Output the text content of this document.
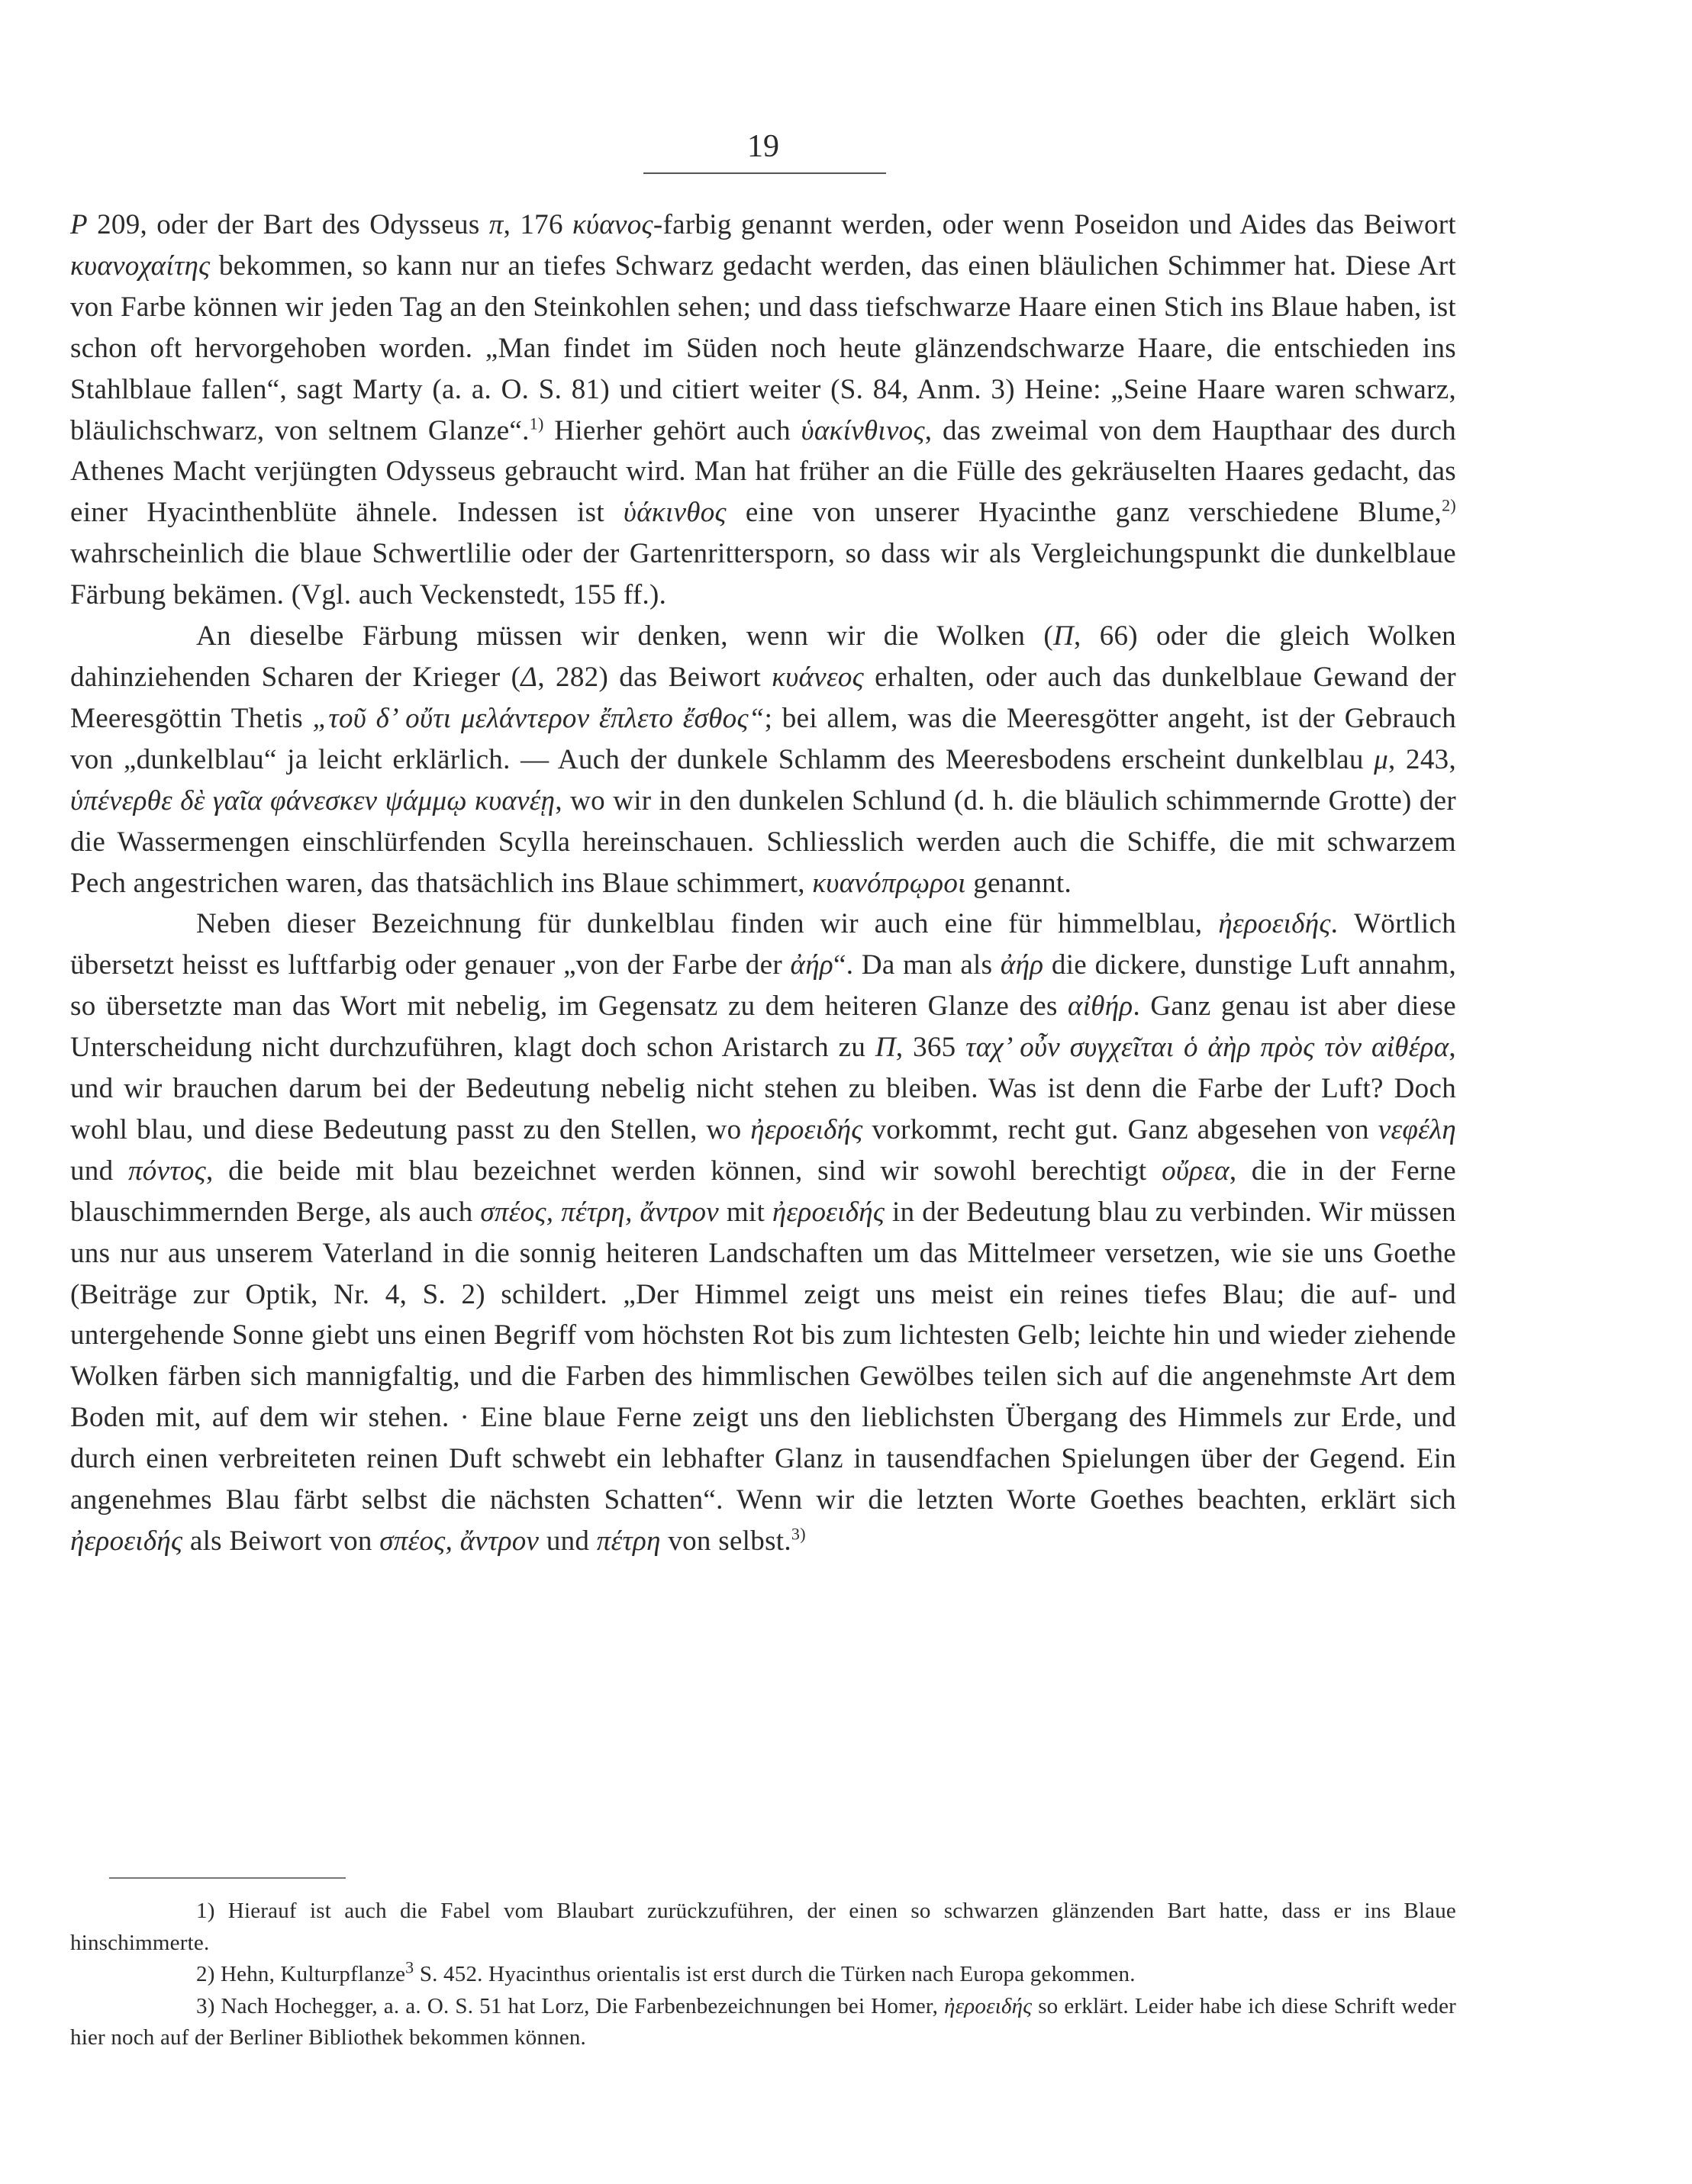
19

P 209, oder der Bart des Odysseus π, 176 κύανος-farbig genannt werden, oder wenn Poseidon und Aides das Beiwort κυανοχαίτης bekommen, so kann nur an tiefes Schwarz gedacht werden, das einen bläulichen Schimmer hat. Diese Art von Farbe können wir jeden Tag an den Steinkohlen sehen; und dass tiefschwarze Haare einen Stich ins Blaue haben, ist schon oft hervorgehoben worden. „Man findet im Süden noch heute glänzendschwarze Haare, die entschieden ins Stahlblaue fallen“, sagt Marty (a. a. O. S. 81) und citiert weiter (S. 84, Anm. 3) Heine: „Seine Haare waren schwarz, bläulichschwarz, von seltnem Glanze“.$^{1)}$ Hierher gehört auch ὑακίνθινος, das zweimal von dem Haupthaar des durch Athenes Macht verjüngten Odysseus gebraucht wird. Man hat früher an die Fülle des gekräuselten Haares gedacht, das einer Hyacinthenblüte ähnele. Indessen ist ὑάκινθος eine von unserer Hyacinthe ganz verschiedene Blume,$^{2)}$ wahrscheinlich die blaue Schwertlilie oder der Gartenrittersporn, so dass wir als Vergleichungspunkt die dunkelblaue Färbung bekämen. (Vgl. auch Veckenstedt, 155 ff.).

An dieselbe Färbung müssen wir denken, wenn wir die Wolken (Π, 66) oder die gleich Wolken dahinziehenden Scharen der Krieger (Δ, 282) das Beiwort κυάνεος erhalten, oder auch das dunkelblaue Gewand der Meeresgöttin Thetis „τοῦ δ’ οὔτι μελάντερον ἔπλετο ἔσθος“; bei allem, was die Meeresgötter angeht, ist der Gebrauch von „dunkelblau“ ja leicht erklärlich. — Auch der dunkele Schlamm des Meeresbodens erscheint dunkelblau μ, 243, ὑπένερθε δὲ γαῖα φάνεσκεν ψάμμῳ κυανέῃ, wo wir in den dunkelen Schlund (d. h. die bläulich schimmernde Grotte) der die Wassermengen einschlürfenden Scylla hereinschauen. Schliesslich werden auch die Schiffe, die mit schwarzem Pech angestrichen waren, das thatsächlich ins Blaue schimmert, κυανόπρῳροι genannt.

Neben dieser Bezeichnung für dunkelblau finden wir auch eine für himmelblau, ἠεροειδής. Wörtlich übersetzt heisst es luftfarbig oder genauer „von der Farbe der ἀήρ“. Da man als ἀήρ die dickere, dunstige Luft annahm, so übersetzte man das Wort mit nebelig, im Gegensatz zu dem heiteren Glanze des αἰθήρ. Ganz genau ist aber diese Unterscheidung nicht durchzuführen, klagt doch schon Aristarch zu Π, 365 ταχ’ οὖν συγχεῖται ὁ ἀὴρ πρὸς τὸν αἰθέρα, und wir brauchen darum bei der Bedeutung nebelig nicht stehen zu bleiben. Was ist denn die Farbe der Luft? Doch wohl blau, und diese Bedeutung passt zu den Stellen, wo ἠεροειδής vorkommt, recht gut. Ganz abgesehen von νεφέλη und πόντος, die beide mit blau bezeichnet werden können, sind wir sowohl berechtigt οὔρεα, die in der Ferne blauschimmernden Berge, als auch σπέος, πέτρη, ἄντρον mit ἠεροειδής in der Bedeutung blau zu verbinden. Wir müssen uns nur aus unserem Vaterland in die sonnig heiteren Landschaften um das Mittelmeer versetzen, wie sie uns Goethe (Beiträge zur Optik, Nr. 4, S. 2) schildert. „Der Himmel zeigt uns meist ein reines tiefes Blau; die auf- und untergehende Sonne giebt uns einen Begriff vom höchsten Rot bis zum lichtesten Gelb; leichte hin und wieder ziehende Wolken färben sich mannigfaltig, und die Farben des himmlischen Gewölbes teilen sich auf die angenehmste Art dem Boden mit, auf dem wir stehen. · Eine blaue Ferne zeigt uns den lieblichsten Übergang des Himmels zur Erde, und durch einen verbreiteten reinen Duft schwebt ein lebhafter Glanz in tausendfachen Spielungen über der Gegend. Ein angenehmes Blau färbt selbst die nächsten Schatten“. Wenn wir die letzten Worte Goethes beachten, erklärt sich ἠεροειδής als Beiwort von σπέος, ἄντρον und πέτρη von selbst.$^{3)}$

1) Hierauf ist auch die Fabel vom Blaubart zurückzuführen, der einen so schwarzen glänzenden Bart hatte, dass er ins Blaue hinschimmerte.

2) Hehn, Kulturpflanze$^3$ S. 452. Hyacinthus orientalis ist erst durch die Türken nach Europa gekommen.

3) Nach Hochegger, a. a. O. S. 51 hat Lorz, Die Farbenbezeichnungen bei Homer, ἠεροειδής so erklärt. Leider habe ich diese Schrift weder hier noch auf der Berliner Bibliothek bekommen können.
